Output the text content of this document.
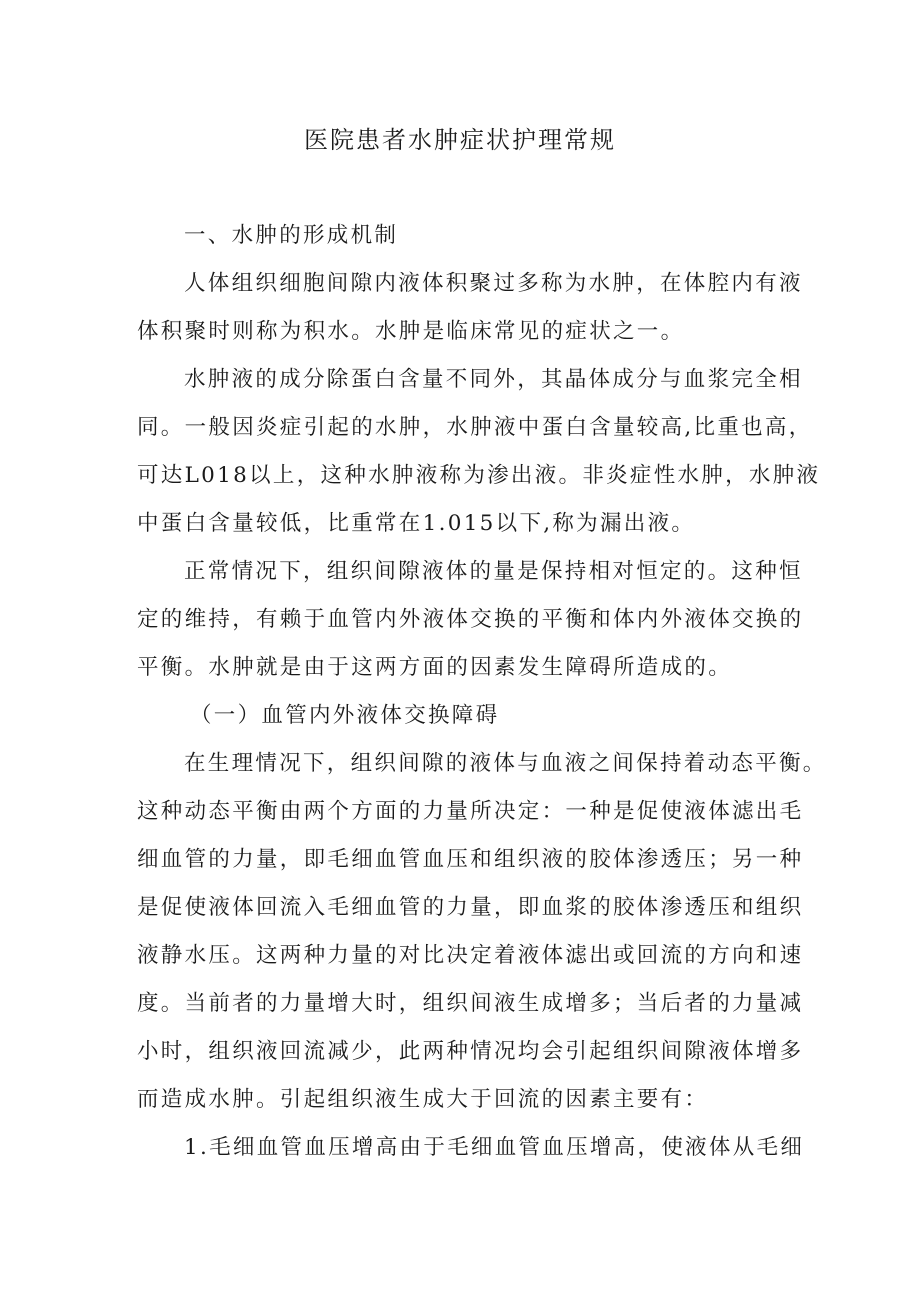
医院患者水肿症状护理常规
一、水肿的形成机制
人体组织细胞间隙内液体积聚过多称为水肿，在体腔内有液
体积聚时则称为积水。水肿是临床常见的症状之一。
水肿液的成分除蛋白含量不同外，其晶体成分与血浆完全相
同。一般因炎症引起的水肿，水肿液中蛋白含量较高,比重也高，
可达L018以上，这种水肿液称为渗出液。非炎症性水肿，水肿液
中蛋白含量较低，比重常在1.015以下,称为漏出液。
正常情况下，组织间隙液体的量是保持相对恒定的。这种恒
定的维持，有赖于血管内外液体交换的平衡和体内外液体交换的
平衡。水肿就是由于这两方面的因素发生障碍所造成的。
（一）血管内外液体交换障碍
在生理情况下，组织间隙的液体与血液之间保持着动态平衡。
这种动态平衡由两个方面的力量所决定：一种是促使液体滤出毛
细血管的力量，即毛细血管血压和组织液的胶体渗透压；另一种
是促使液体回流入毛细血管的力量，即血浆的胶体渗透压和组织
液静水压。这两种力量的对比决定着液体滤出或回流的方向和速
度。当前者的力量增大时，组织间液生成增多；当后者的力量减
小时，组织液回流减少，此两种情况均会引起组织间隙液体增多
而造成水肿。引起组织液生成大于回流的因素主要有：
1.毛细血管血压增高由于毛细血管血压增高，使液体从毛细
